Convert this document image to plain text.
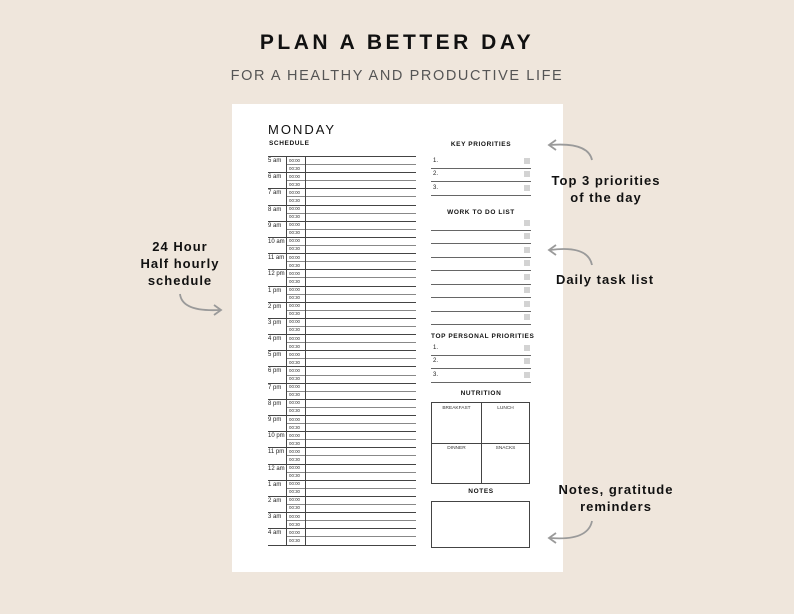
PLAN A BETTER DAY
FOR A HEALTHY AND PRODUCTIVE LIFE
MONDAY
SCHEDULE
5 am	00:00
00:30
6 am	00:00
00:30
7 am	00:00
00:30
8 am	00:00
00:30
9 am	00:00
00:30
10 am 00:00
00:30
11 am	00:00
00:30
12 pm 00:00
00:30
1 pm	00:00
00:30
2 pm	00:00
00:30
3 pm	00:00
00:30
4 pm	00:00
00:30
5 pm	00:00
00:30
6 pm	00:00
00:30
7 pm	00:00
00:30
8 pm	00:00
00:30
9 pm	00:00
00:30
10 pm 00:00
00:30
11 pm	00:00
00:30
12 am 00:00
00:30
1 am	00:00
00:30
2 am	00:00
00:30
3 am	00:00
00:30
4 am	00:00
00:30
KEY PRIORITIES
1.
2.
3.
WORK TO DO LIST
TOP PERSONAL PRIORITIES
1.
2.
3.
NUTRITION
BREAKFAST	LUNCH
DINNER	SNACKS
NOTES
24 Hour
Half hourly
schedule
Top 3 priorities
of the day
Daily task list
Notes, gratitude
reminders
